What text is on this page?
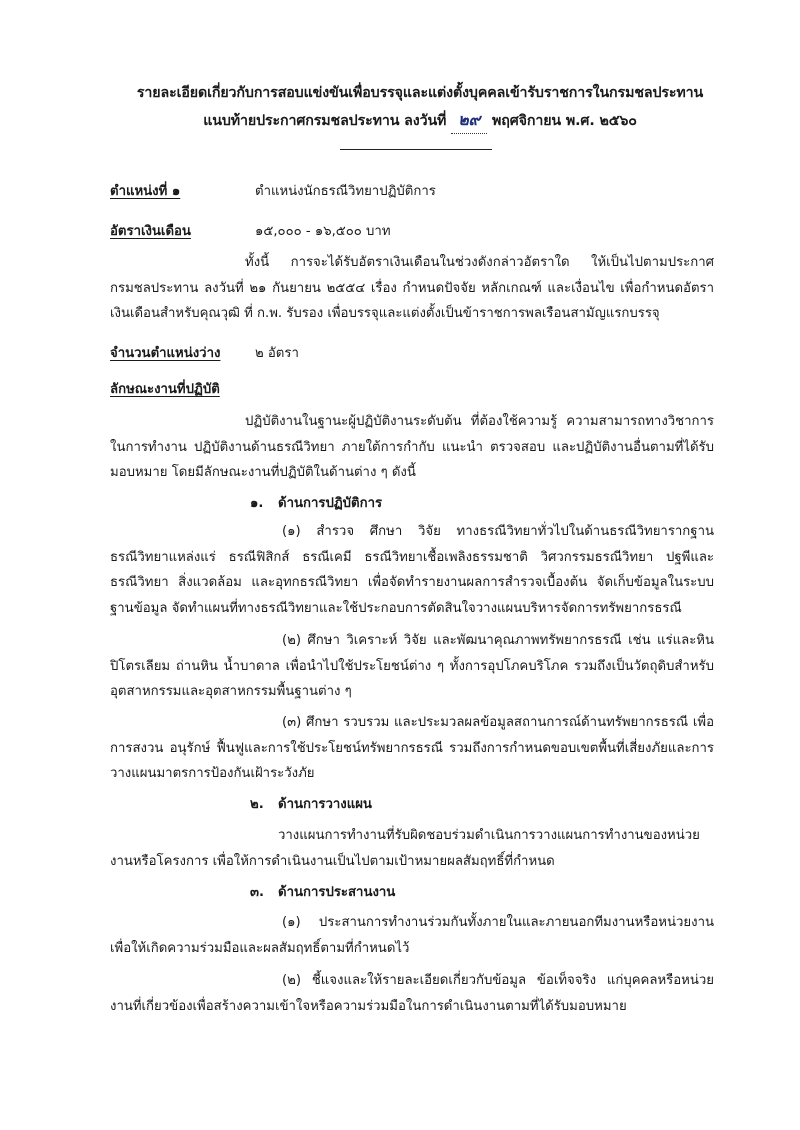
รายละเอียดเกี่ยวกับการสอบแข่งขันเพื่อบรรจุและแต่งตั้งบุคคลเข้ารับราชการในกรมชลประทาน
แนบท้ายประกาศกรมชลประทาน ลงวันที่ ๒๙ พฤศจิกายน พ.ศ. ๒๕๖๐
ตำแหน่งที่ ๑	ตำแหน่งนักธรณีวิทยาปฏิบัติการ
อัตราเงินเดือน	๑๕,๐๐๐ - ๑๖,๕๐๐ บาท
ทั้งนี้ การจะได้รับอัตราเงินเดือนในช่วงดังกล่าวอัตราใด ให้เป็นไปตามประกาศกรมชลประทาน ลงวันที่ ๒๑ กันยายน ๒๕๕๔ เรื่อง กำหนดปัจจัย หลักเกณฑ์ และเงื่อนไข เพื่อกำหนดอัตราเงินเดือนสำหรับคุณวุฒิ ที่ ก.พ. รับรอง เพื่อบรรจุและแต่งตั้งเป็นข้าราชการพลเรือนสามัญแรกบรรจุ
จำนวนตำแหน่งว่าง	๒ อัตรา
ลักษณะงานที่ปฏิบัติ
ปฏิบัติงานในฐานะผู้ปฏิบัติงานระดับต้น ที่ต้องใช้ความรู้ ความสามารถทางวิชาการในการทำงาน ปฏิบัติงานด้านธรณีวิทยา ภายใต้การกำกับ แนะนำ ตรวจสอบ และปฏิบัติงานอื่นตามที่ได้รับมอบหมาย โดยมีลักษณะงานที่ปฏิบัติในด้านต่าง ๆ ดังนี้
๑. ด้านการปฏิบัติการ
(๑) สำรวจ ศึกษา วิจัย ทางธรณีวิทยาทั่วไปในด้านธรณีวิทยารากฐาน ธรณีวิทยาแหล่งแร่ ธรณีฟิสิกส์ ธรณีเคมี ธรณีวิทยาเชื้อเพลิงธรรมชาติ วิศวกรรมธรณีวิทยา ปฐพีและธรณีวิทยา สิ่งแวดล้อม และอุทกธรณีวิทยา เพื่อจัดทำรายงานผลการสำรวจเบื้องต้น จัดเก็บข้อมูลในระบบฐานข้อมูล จัดทำแผนที่ทางธรณีวิทยาและใช้ประกอบการตัดสินใจวางแผนบริหารจัดการทรัพยากรธรณี
(๒) ศึกษา วิเคราะห์ วิจัย และพัฒนาคุณภาพทรัพยากรธรณี เช่น แร่และหิน ปิโตรเลียม ถ่านหิน น้ำบาดาล เพื่อนำไปใช้ประโยชน์ต่าง ๆ ทั้งการอุปโภคบริโภค รวมถึงเป็นวัตถุดิบสำหรับอุตสาหกรรมและอุตสาหกรรมพื้นฐานต่าง ๆ
(๓) ศึกษา รวบรวม และประมวลผลข้อมูลสถานการณ์ด้านทรัพยากรธรณี เพื่อการสงวน อนุรักษ์ ฟื้นฟูและการใช้ประโยชน์ทรัพยากรธรณี รวมถึงการกำหนดขอบเขตพื้นที่เสี่ยงภัยและการวางแผนมาตรการป้องกันเฝ้าระวังภัย
๒. ด้านการวางแผน
วางแผนการทำงานที่รับผิดชอบร่วมดำเนินการวางแผนการทำงานของหน่วยงานหรือโครงการ เพื่อให้การดำเนินงานเป็นไปตามเป้าหมายผลสัมฤทธิ์ที่กำหนด
๓. ด้านการประสานงาน
(๑) ประสานการทำงานร่วมกันทั้งภายในและภายนอกทีมงานหรือหน่วยงานเพื่อให้เกิดความร่วมมือและผลสัมฤทธิ์ตามที่กำหนดไว้
(๒) ชี้แจงและให้รายละเอียดเกี่ยวกับข้อมูล ข้อเท็จจริง แก่บุคคลหรือหน่วยงานที่เกี่ยวข้องเพื่อสร้างความเข้าใจหรือความร่วมมือในการดำเนินงานตามที่ได้รับมอบหมาย
